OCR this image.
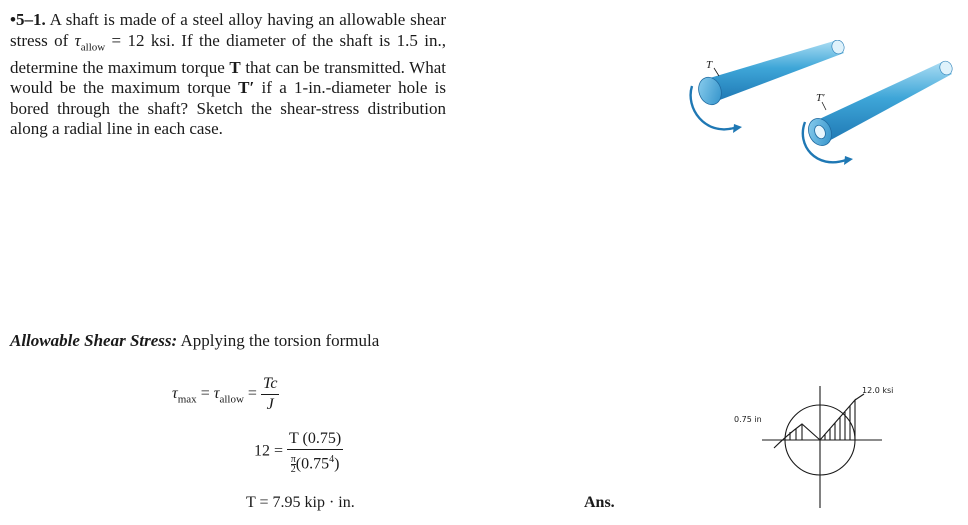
•5–1. A shaft is made of a steel alloy having an allowable shear stress of $\tau_{allow} = 12$ ksi. If the diameter of the shaft is 1.5 in., determine the maximum torque T that can be transmitted. What would be the maximum torque T′ if a 1-in.-diameter hole is bored through the shaft? Sketch the shear-stress distribution along a radial line in each case.
T
T′
Allowable Shear Stress: Applying the torsion formula
$\tau_{max} = \tau_{allow} = \frac{Tc}{J}$
$12 = \frac{T (0.75)}{\frac{\pi}{2} (0.75^4)}$
T = 7.95 kip · in.	Ans.
0.75 in
12.0 ksi
